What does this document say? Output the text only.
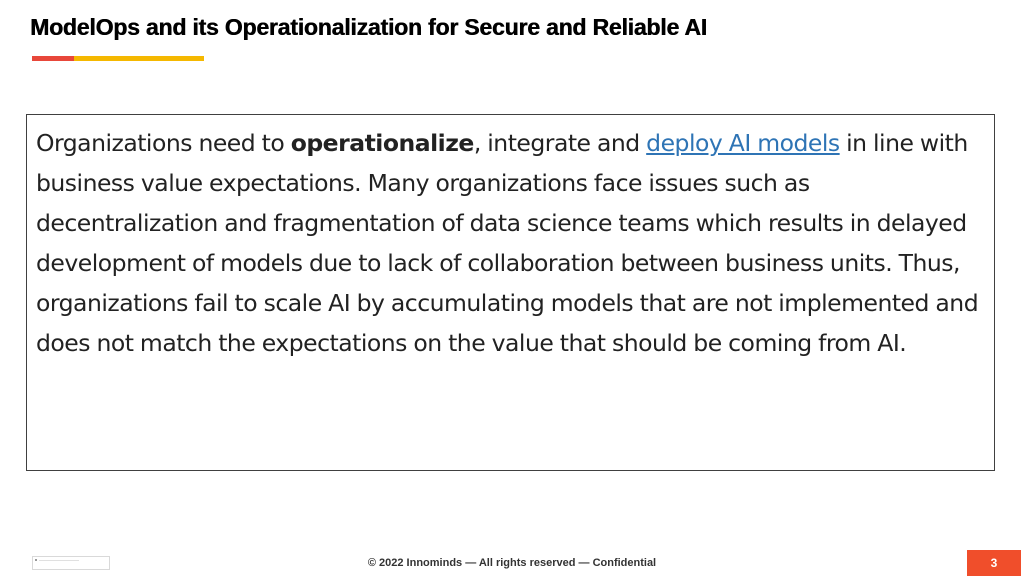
ModelOps and its Operationalization for Secure and Reliable AI

Organizations need to operationalize, integrate and deploy AI models in line with business value expectations. Many organizations face issues such as decentralization and fragmentation of data science teams which results in delayed development of models due to lack of collaboration between business units. Thus, organizations fail to scale AI by accumulating models that are not implemented and does not match the expectations on the value that should be coming from AI.

© 2022 Innominds — All rights reserved — Confidential	3
